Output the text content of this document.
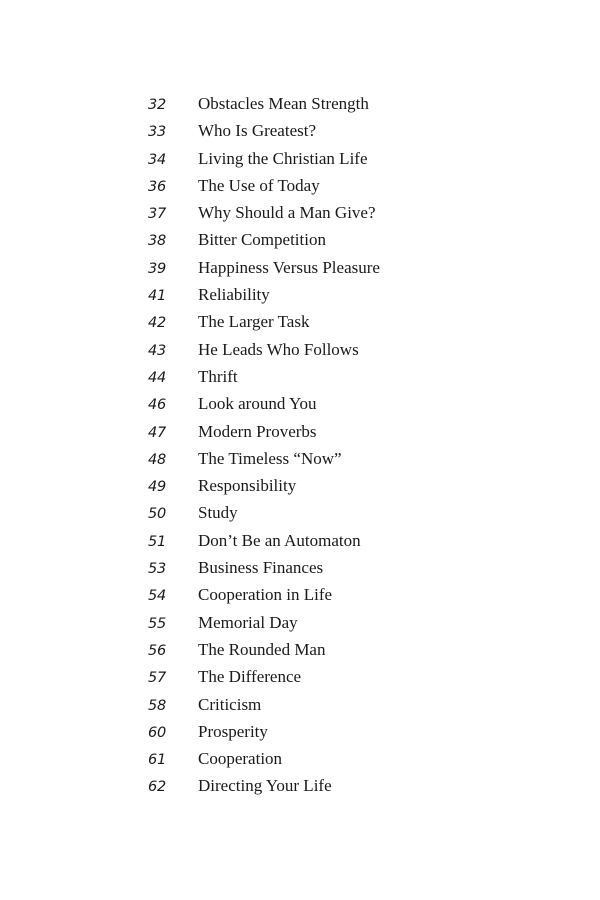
32	Obstacles Mean Strength
33	Who Is Greatest?
34	Living the Christian Life
36	The Use of Today
37	Why Should a Man Give?
38	Bitter Competition
39	Happiness Versus Pleasure
41	Reliability
42	The Larger Task
43	He Leads Who Follows
44	Thrift
46	Look around You
47	Modern Proverbs
48	The Timeless “Now”
49	Responsibility
50	Study
51	Don’t Be an Automaton
53	Business Finances
54	Cooperation in Life
55	Memorial Day
56	The Rounded Man
57	The Difference
58	Criticism
60	Prosperity
61	Cooperation
62	Directing Your Life
